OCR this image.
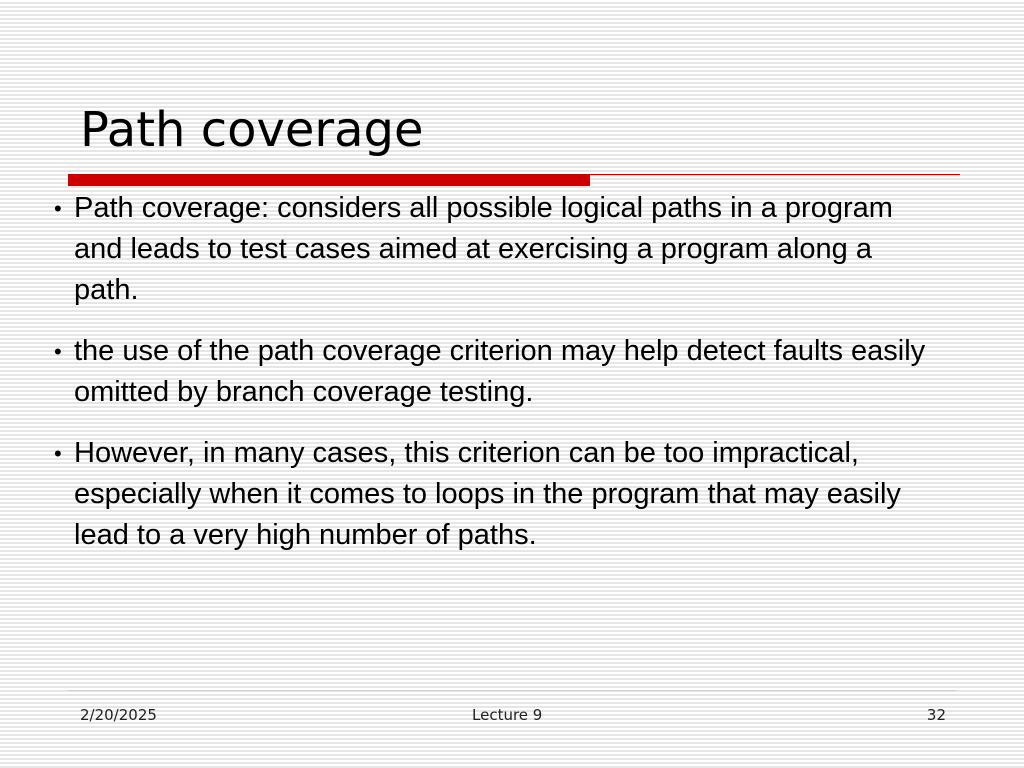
Path coverage
• Path coverage: considers all possible logical paths in a program and leads to test cases aimed at exercising a program along a path.
• the use of the path coverage criterion may help detect faults easily omitted by branch coverage testing.
• However, in many cases, this criterion can be too impractical, especially when it comes to loops in the program that may easily lead to a very high number of paths.
2/20/2025	Lecture 9	32
